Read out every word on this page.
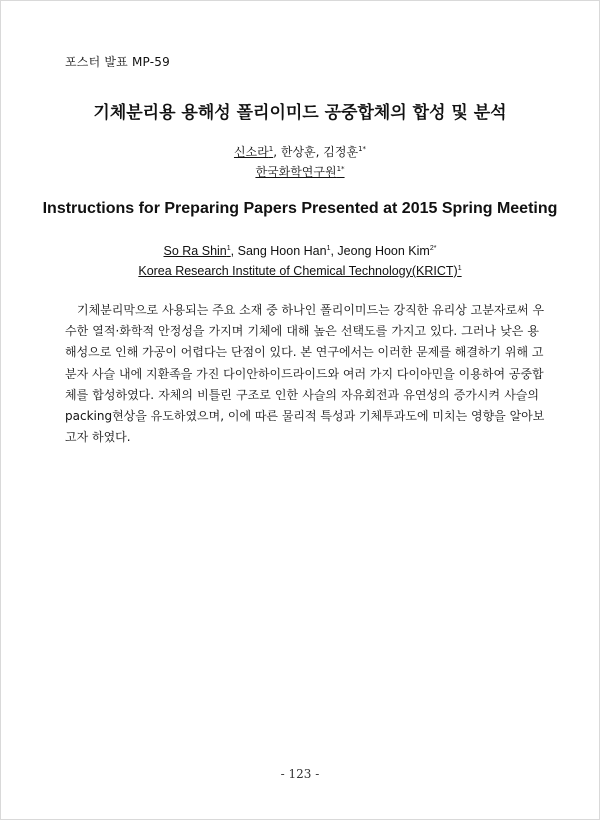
포스터 발표 MP-59
기체분리용 용해성 폴리이미드 공중합체의 합성 및 분석
신소라$^1$, 한상훈, 김정훈$^{1*}$
한국화학연구원$^{1*}$
Instructions for Preparing Papers Presented at 2015 Spring Meeting
So Ra Shin$^1$, Sang Hoon Han$^1$, Jeong Hoon Kim$^{2*}$
Korea Research Institute of Chemical Technology(KRICT)$^1$
기체분리막으로 사용되는 주요 소재 중 하나인 폴리이미드는 강직한 유리상 고분자로써 우
수한 열적·화학적 안정성을 가지며 기체에 대해 높은 선택도를 가지고 있다. 그러나 낮은 용
해성으로 인해 가공이 어렵다는 단점이 있다. 본 연구에서는 이러한 문제를 해결하기 위해 고
분자 사슬 내에 지환족을 가진 다이안하이드라이드와 여러 가지 다이아민을 이용하여 공중합
체를 합성하였다. 자체의 비틀린 구조로 인한 사슬의 자유회전과 유연성의 증가시켜 사슬의
packing현상을 유도하였으며, 이에 따른 물리적 특성과 기체투과도에 미치는 영향을 알아보
고자 하였다.
- 123 -
